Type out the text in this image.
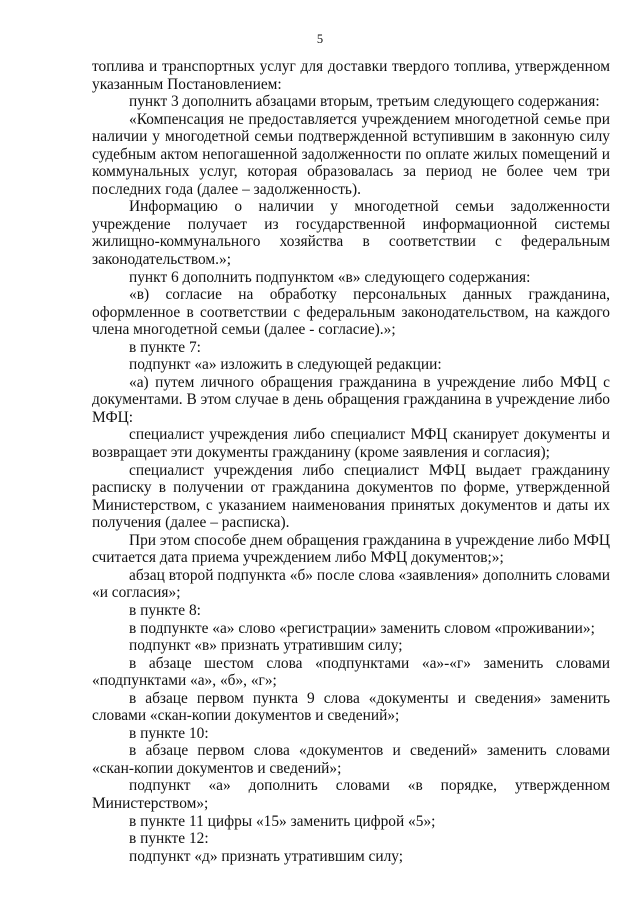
5

топлива и транспортных услуг для доставки твердого топлива, утвержденном указанным Постановлением:

пункт 3 дополнить абзацами вторым, третьим следующего содержания:

«Компенсация не предоставляется учреждением многодетной семье при наличии у многодетной семьи подтвержденной вступившим в законную силу судебным актом непогашенной задолженности по оплате жилых помещений и коммунальных услуг, которая образовалась за период не более чем три последних года (далее – задолженность).

Информацию о наличии у многодетной семьи задолженности учреждение получает из государственной информационной системы жилищно-коммунального хозяйства в соответствии с федеральным законодательством.»;

пункт 6 дополнить подпунктом «в» следующего содержания:

«в) согласие на обработку персональных данных гражданина, оформленное в соответствии с федеральным законодательством, на каждого члена многодетной семьи (далее - согласие).»;

в пункте 7:

подпункт «а» изложить в следующей редакции:

«а) путем личного обращения гражданина в учреждение либо МФЦ с документами. В этом случае в день обращения гражданина в учреждение либо МФЦ:

специалист учреждения либо специалист МФЦ сканирует документы и возвращает эти документы гражданину (кроме заявления и согласия);

специалист учреждения либо специалист МФЦ выдает гражданину расписку в получении от гражданина документов по форме, утвержденной Министерством, с указанием наименования принятых документов и даты их получения (далее – расписка).

При этом способе днем обращения гражданина в учреждение либо МФЦ считается дата приема учреждением либо МФЦ документов;»;

абзац второй подпункта «б» после слова «заявления» дополнить словами «и согласия»;

в пункте 8:

в подпункте «а» слово «регистрации» заменить словом «проживании»;

подпункт «в» признать утратившим силу;

в абзаце шестом слова «подпунктами «а»-«г» заменить словами «подпунктами «а», «б», «г»;

в абзаце первом пункта 9 слова «документы и сведения» заменить словами «скан-копии документов и сведений»;

в пункте 10:

в абзаце первом слова «документов и сведений» заменить словами «скан-копии документов и сведений»;

подпункт «а» дополнить словами «в порядке, утвержденном Министерством»;

в пункте 11 цифры «15» заменить цифрой «5»;

в пункте 12:

подпункт «д» признать утратившим силу;
